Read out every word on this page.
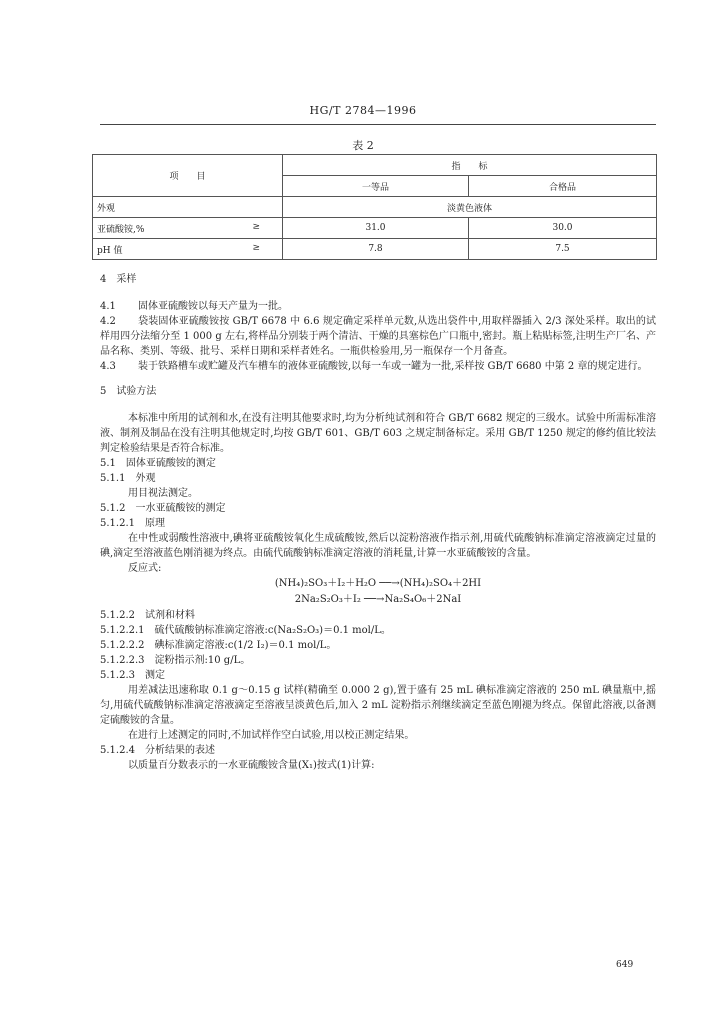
HG/T 2784—1996
表 2
项　　目	指　　标	
	一等品	合格品
外观	淡黄色液体	
亚硫酸铵,% ≥	31.0	30.0
pH 值 ≥	7.8	7.5

4　采样

4.1 固体亚硫酸铵以每天产量为一批。

4.2 袋装固体亚硫酸铵按 GB/T 6678 中 6.6 规定确定采样单元数,从选出袋件中,用取样器插入 2/3 深处采样。取出的试样用四分法缩分至 1 000 g 左右,将样品分别装于两个清洁、干燥的具塞棕色广口瓶中,密封。瓶上粘贴标签,注明生产厂名、产品名称、类别、等级、批号、采样日期和采样者姓名。一瓶供检验用,另一瓶保存一个月备查。

4.3 装于铁路槽车或贮罐及汽车槽车的液体亚硫酸铵,以每一车或一罐为一批,采样按 GB/T 6680 中第 2 章的规定进行。

5　试验方法

本标准中所用的试剂和水,在没有注明其他要求时,均为分析纯试剂和符合 GB/T 6682 规定的三级水。试验中所需标准溶液、制剂及制品在没有注明其他规定时,均按 GB/T 601、GB/T 603 之规定制备标定。采用 GB/T 1250 规定的修约值比较法判定检验结果是否符合标准。

5.1　固体亚硫酸铵的测定

5.1.1　外观

用目视法测定。

5.1.2　一水亚硫酸铵的测定

5.1.2.1　原理

在中性或弱酸性溶液中,碘将亚硫酸铵氧化生成硫酸铵,然后以淀粉溶液作指示剂,用硫代硫酸钠标准滴定溶液滴定过量的碘,滴定至溶液蓝色刚消褪为终点。由硫代硫酸钠标准滴定溶液的消耗量,计算一水亚硫酸铵的含量。

反应式:

(NH₄)₂SO₃＋I₂＋H₂O ──→(NH₄)₂SO₄＋2HI

2Na₂S₂O₃＋I₂ ──→Na₂S₄O₆＋2NaI

5.1.2.2　试剂和材料

5.1.2.2.1　硫代硫酸钠标准滴定溶液:c(Na₂S₂O₃)＝0.1 mol/L。

5.1.2.2.2　碘标准滴定溶液:c(1/2 I₂)＝0.1 mol/L。

5.1.2.2.3　淀粉指示剂:10 g/L。

5.1.2.3　测定

用差减法迅速称取 0.1 g～0.15 g 试样(精确至 0.000 2 g),置于盛有 25 mL 碘标准滴定溶液的 250 mL 碘量瓶中,摇匀,用硫代硫酸钠标准滴定溶液滴定至溶液呈淡黄色后,加入 2 mL 淀粉指示剂继续滴定至蓝色刚褪为终点。保留此溶液,以备测定硫酸铵的含量。

在进行上述测定的同时,不加试样作空白试验,用以校正测定结果。

5.1.2.4　分析结果的表述

以质量百分数表示的一水亚硫酸铵含量(X₁)按式(1)计算:

649
